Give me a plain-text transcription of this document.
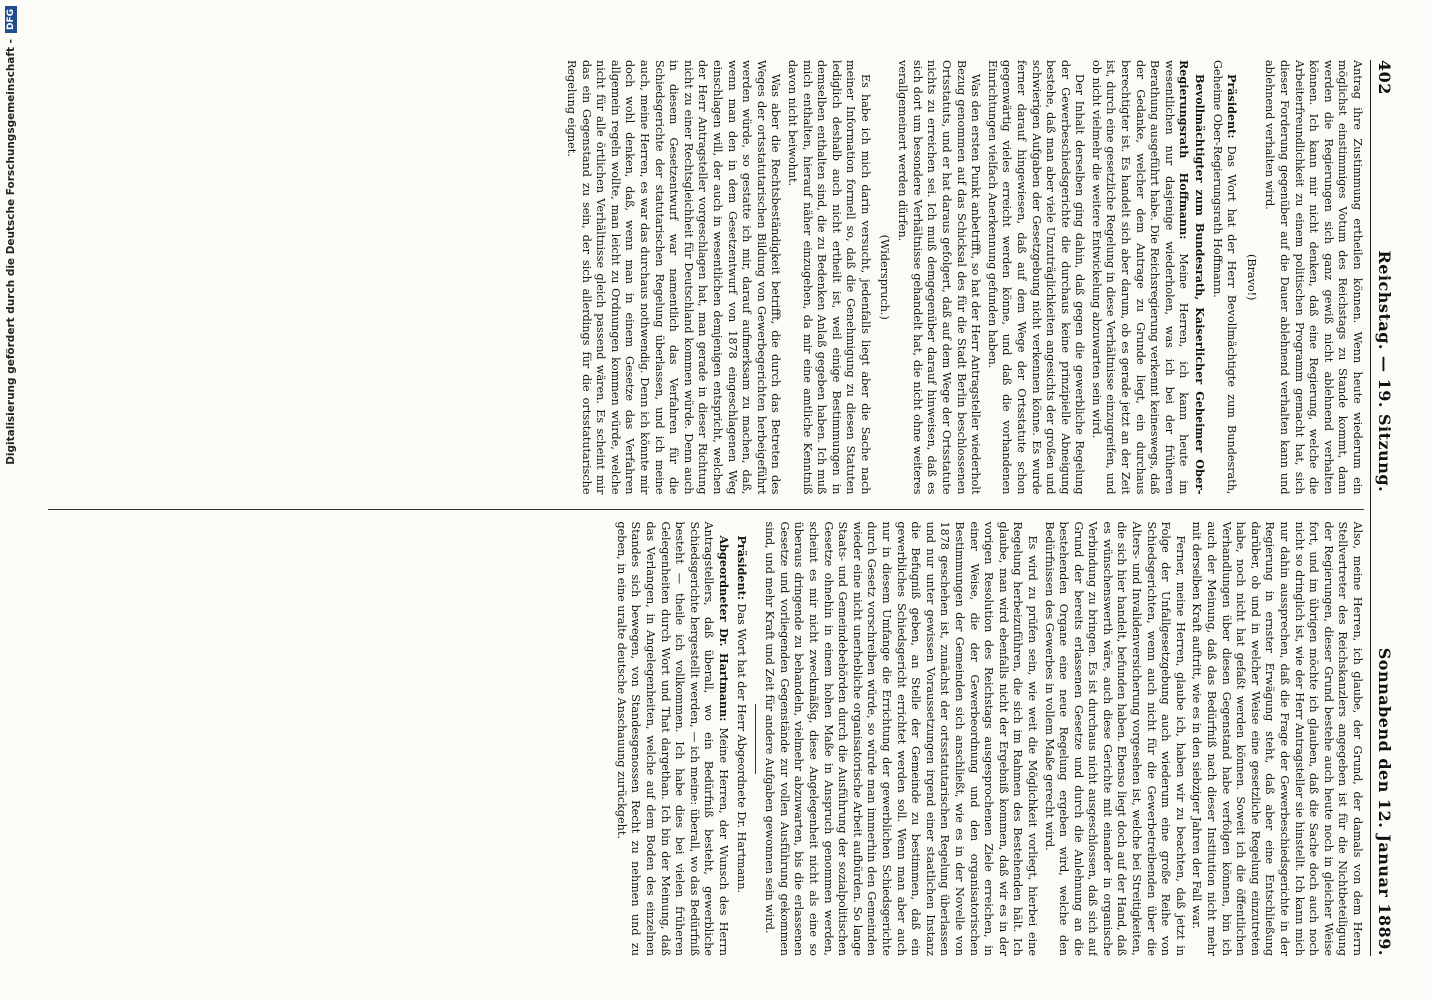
402
Reichstag. — 19. Sitzung.
Sonnabend den 12. Januar 1889.

Antrag ihre Zustimmung ertheilen können. Wenn heute wiederum ein möglichst einstimmiges Votum des Reichstags zu Stande kommt, dann werden die Regierungen sich ganz gewiß nicht ablehnend verhalten können. Ich kann mir nicht denken, daß eine Regierung, welche die Arbeiterfreundlichkeit zu einem politischen Programm gemacht hat, sich dieser Forderung gegenüber auf die Dauer ablehnend verhalten kann und ablehnend verhalten wird.

(Bravo!)

Präsident: Das Wort hat der Herr Bevollmächtigte zum Bundesrath, Geheime Ober-Regierungsrath Hoffmann.

Bevollmächtigter zum Bundesrath, Kaiserlicher Geheimer Ober-Regierungsrath Hoffmann: Meine Herren, ich kann heute im wesentlichen nur dasjenige wiederholen, was ich bei der früheren Berathung ausgeführt habe. Die Reichsregierung verkennt keineswegs, daß der Gedanke, welcher dem Antrage zu Grunde liegt, ein durchaus berechtigter ist. Es handelt sich aber darum, ob es gerade jetzt an der Zeit ist, durch eine gesetzliche Regelung in diese Verhältnisse einzugreifen, und ob nicht vielmehr die weitere Entwickelung abzuwarten sein wird.

Der Inhalt derselben ging dahin, daß gegen die gewerbliche Regelung der Gewerbeschiedsgerichte die durchaus keine prinzipielle Abneigung bestehe, daß man aber viele Unzuträglichkeiten angesichts der großen und schwierigen Aufgaben der Gesetzgebung nicht verkennen könne. Es wurde ferner darauf hingewiesen, daß auf dem Wege der Ortsstatute schon gegenwärtig vieles erreicht werden könne, und daß die vorhandenen Einrichtungen vielfach Anerkennung gefunden haben.

Was den ersten Punkt anbetrifft, so hat der Herr Antragsteller wiederholt Bezug genommen auf das Schicksal des für die Stadt Berlin beschlossenen Ortsstatuts, und er hat daraus gefolgert, daß auf dem Wege der Ortsstatute nichts zu erreichen sei. Ich muß demgegenüber darauf hinweisen, daß es sich dort um besondere Verhältnisse gehandelt hat, die nicht ohne weiteres verallgemeinert werden dürfen.

(Widerspruch.)

Es habe ich mich darin versucht, jedenfalls liegt aber die Sache nach meiner Information formell so, daß die Genehmigung zu diesen Statuten lediglich deshalb auch nicht ertheilt ist, weil einige Bestimmungen in demselben enthalten sind, die zu Bedenken Anlaß gegeben haben. Ich muß mich enthalten, hierauf näher einzugehen, da mir eine amtliche Kenntniß davon nicht beiwohnt.

Was aber die Rechtsbeständigkeit betrifft, die durch das Betreten des Weges der ortsstatutarischen Bildung von Gewerbegerichten herbeigeführt werden würde, so gestatte ich mir, darauf aufmerksam zu machen, daß, wenn man den in dem Gesetzentwurf von 1878 eingeschlagenen Weg einschlagen will, der auch in wesentlichen demjenigen entspricht, welchen der Herr Antragsteller vorgeschlagen hat, man gerade in dieser Richtung nicht zu einer Rechtsgleichheit für Deutschland kommen würde. Denn auch in diesem Gesetzentwurf war namentlich das Verfahren für die Schiedsgerichte der statutarischen Regelung überlassen, und ich meine auch, meine Herren, es war das durchaus nothwendig. Denn ich könnte mir doch wohl denken, daß, wenn man in einem Gesetze das Verfahren allgemein regeln wollte, man leicht zu Ordnungen kommen würde, welche nicht für alle örtlichen Verhältnisse gleich passend wären. Es scheint mir das ein Gegenstand zu sein, der sich allerdings für die ortsstatutarische Regelung eignet.

Also, meine Herren, ich glaube, der Grund, der damals von dem Herrn Stellvertreter des Reichskanzlers angegeben ist für die Nichtbeteiligung der Regierungen, dieser Grund bestehe auch heute noch in gleicher Weise fort, und im übrigen möchte ich glauben, daß die Sache doch auch noch nicht so dringlich ist, wie der Herr Antragsteller sie hinstellt. Ich kann mich nur dahin aussprechen, daß die Frage der Gewerbeschiedsgerichte in der Regierung in ernster Erwägung steht, daß aber eine Entschließung darüber, ob und in welcher Weise eine gesetzliche Regelung einzutreten habe, noch nicht hat gefaßt werden können. Soweit ich die öffentlichen Verhandlungen über diesen Gegenstand habe verfolgen können, bin ich auch der Meinung, daß das Bedürfniß nach dieser Institution nicht mehr mit derselben Kraft auftritt, wie es in den siebziger Jahren der Fall war.

Ferner, meine Herren, glaube ich, haben wir zu beachten, daß jetzt in Folge der Unfallgesetzgebung auch wiederum eine große Reihe von Schiedsgerichten, wenn auch nicht für die Gewerbetreibenden über die Alters- und Invalidenversicherung vorgesehen ist, welche bei Streitigkeiten, die sich hier handelt, befunden haben. Ebenso liegt doch auf der Hand, daß es wünschenswerth wäre, auch diese Gerichte mit einander in organische Verbindung zu bringen. Es ist durchaus nicht ausgeschlossen, daß sich auf Grund der bereits erlassenen Gesetze und durch die Anlehnung an die bestehenden Organe eine neue Regelung ergeben wird, welche den Bedürfnissen des Gewerbes in vollem Maße gerecht wird.

Es wird zu prüfen sein, wie weit die Möglichkeit vorliegt, hierbei eine Regelung herbeizuführen, die sich im Rahmen des Bestehenden hält. Ich glaube, man wird ebenfalls nicht der Ergebniß kommen, daß wir es in der vorigen Resolution des Reichstags ausgesprochenen Ziele erreichen, in einer Weise, die der Gewerbeordnung und den organisatorischen Bestimmungen der Gemeinden sich anschließt, wie es in der Novelle von 1878 geschehen ist, zunächst der ortsstatutarischen Regelung überlassen und nur unter gewissen Voraussetzungen irgend einer staatlichen Instanz die Befugniß geben, an Stelle der Gemeinde zu bestimmen, daß ein gewerbliches Schiedsgericht errichtet werden soll. Wenn man aber auch nur in diesem Umfange die Errichtung der gewerblichen Schiedsgerichte durch Gesetz vorschreiben würde, so würde man immerhin den Gemeinden wieder eine nicht unerhebliche organisatorische Arbeit aufbürden. So lange Staats- und Gemeindebehörden durch die Ausführung der sozialpolitischen Gesetze ohnehin in einem hohen Maße in Anspruch genommen werden, scheint es mir nicht zweckmäßig, diese Angelegenheit nicht als eine so überaus dringende zu behandeln, vielmehr abzuwarten, bis die erlassenen Gesetze und vorliegenden Gegenstände zur vollen Ausführung gekommen sind, und mehr Kraft und Zeit für andere Aufgaben gewonnen sein wird.

Präsident: Das Wort hat der Herr Abgeordnete Dr. Hartmann.

Abgeordneter Dr. Hartmann: Meine Herren, der Wunsch des Herrn Antragstellers, daß überall, wo ein Bedürfniß besteht, gewerbliche Schiedsgerichte hergestellt werden, — ich meine: überall, wo das Bedürfniß besteht — theile ich vollkommen. Ich habe dies bei vielen früheren Gelegenheiten durch Wort und That dargethan. Ich bin der Meinung, daß das Verlangen, in Angelegenheiten, welche auf dem Boden des einzelnen Standes sich bewegen, von Standesgenossen Recht zu nehmen und zu geben, in eine uralte deutsche Anschauung zurückgeht.

Digitalisierung gefördert durch die Deutsche Forschungsgemeinschaft -
DFG
